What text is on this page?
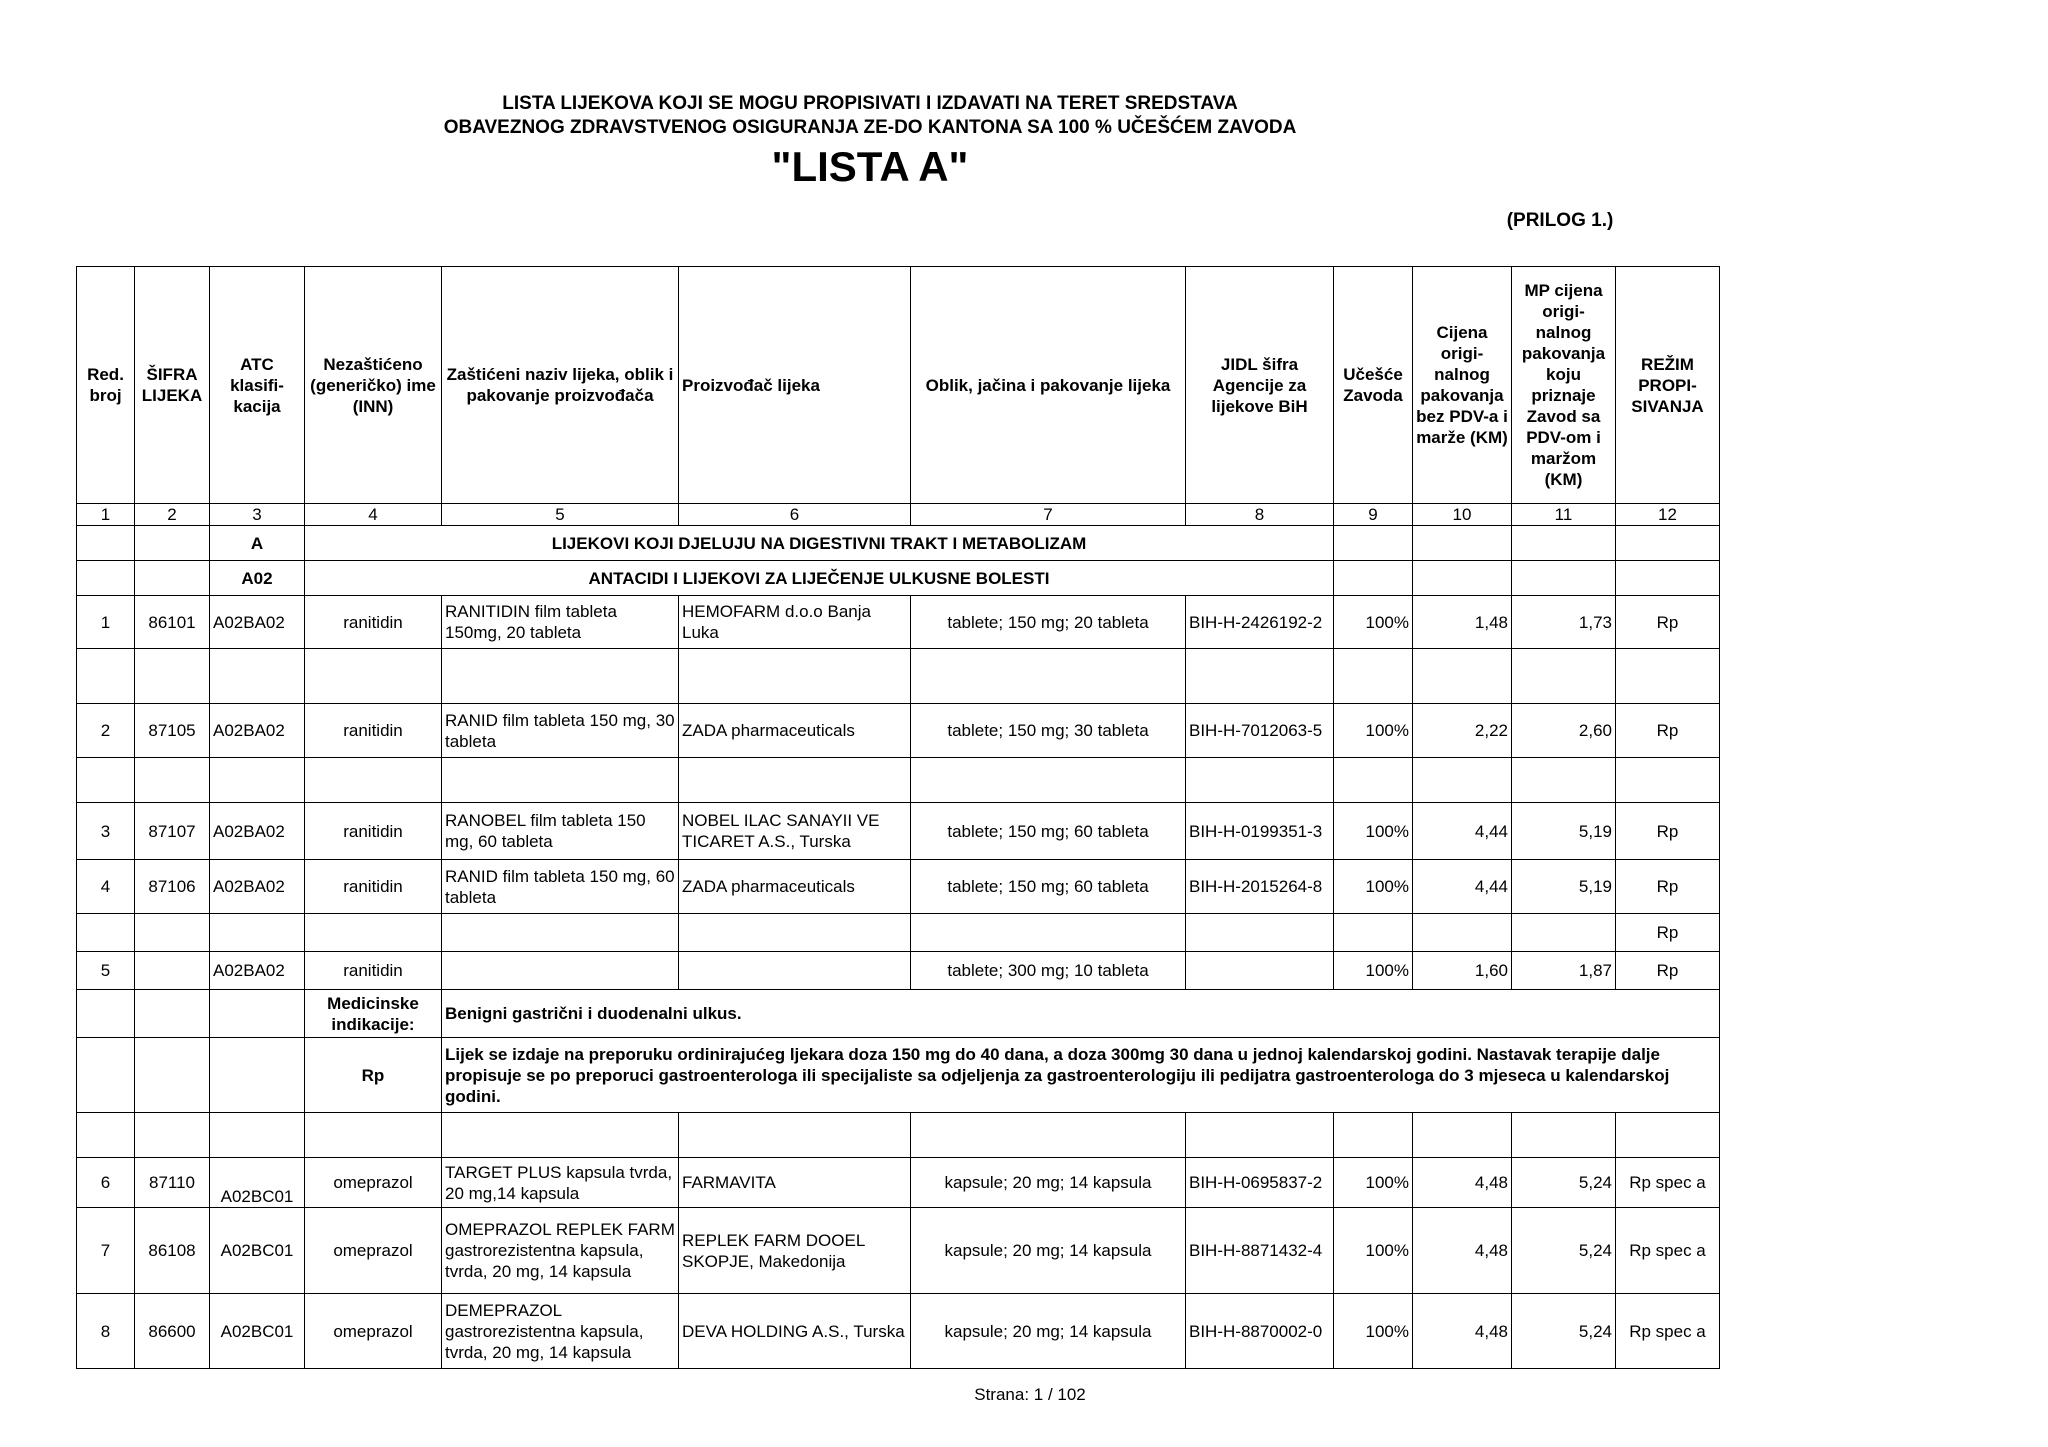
LISTA LIJEKOVA KOJI SE MOGU PROPISIVATI I IZDAVATI NA TERET SREDSTAVA
OBAVEZNOG ZDRAVSTVENOG OSIGURANJA ZE-DO KANTONA SA 100 % UČEŠĆEM ZAVODA
"LISTA A"
(PRILOG 1.)
Red. broj	ŠIFRA LIJEKA	ATC klasifi-kacija	Nezaštićeno (generičko) ime (INN)	Zaštićeni naziv lijeka, oblik i pakovanje proizvođača	Proizvođač lijeka	Oblik, jačina i pakovanje lijeka	JIDL šifra Agencije za lijekove BiH	Učešće Zavoda	Cijena origi-nalnog pakovanja bez PDV-a i marže (KM)	MP cijena origi-nalnog pakovanja koju priznaje Zavod sa PDV-om i maržom (KM)	REŽIM PROPI-SIVANJA
1	2	3	4	5	6	7	8	9	10	11	12
		A	LIJEKOVI KOJI DJELUJU NA DIGESTIVNI TRAKT I METABOLIZAM								
		A02	ANTACIDI I LIJEKOVI ZA LIJEČENJE ULKUSNE BOLESTI								
1	86101	A02BA02	ranitidin	RANITIDIN film tableta 150mg, 20 tableta	HEMOFARM d.o.o Banja Luka	tablete; 150 mg; 20 tableta	BIH-H-2426192-2	100%	1,48	1,73	Rp

2	87105	A02BA02	ranitidin	RANID film tableta 150 mg, 30 tableta	ZADA pharmaceuticals	tablete; 150 mg; 30 tableta	BIH-H-7012063-5	100%	2,22	2,60	Rp

3	87107	A02BA02	ranitidin	RANOBEL film tableta 150 mg, 60 tableta	NOBEL ILAC SANAYII VE TICARET A.S., Turska	tablete; 150 mg; 60 tableta	BIH-H-0199351-3	100%	4,44	5,19	Rp
4	87106	A02BA02	ranitidin	RANID film tableta 150 mg, 60 tableta	ZADA pharmaceuticals	tablete; 150 mg; 60 tableta	BIH-H-2015264-8	100%	4,44	5,19	Rp
											Rp
5		A02BA02	ranitidin			tablete; 300 mg; 10 tableta		100%	1,60	1,87	Rp
			Medicinske indikacije:	Benigni gastrični i duodenalni ulkus.							
			Rp	Lijek se izdaje na preporuku ordinirajućeg ljekara doza 150 mg do 40 dana, a doza 300mg 30 dana u jednoj kalendarskoj godini. Nastavak terapije dalje propisuje se po preporuci gastroenterologa ili specijaliste sa odjeljenja za gastroenterologiju ili pedijatra gastroenterologa do 3 mjeseca u kalendarskoj godini.							

6	87110	A02BC01	omeprazol	TARGET PLUS kapsula tvrda, 20 mg,14 kapsula	FARMAVITA	kapsule; 20 mg; 14 kapsula	BIH-H-0695837-2	100%	4,48	5,24	Rp spec a
7	86108	A02BC01	omeprazol	OMEPRAZOL REPLEK FARM gastrorezistentna kapsula, tvrda, 20 mg, 14 kapsula	REPLEK FARM DOOEL SKOPJE, Makedonija	kapsule; 20 mg; 14 kapsula	BIH-H-8871432-4	100%	4,48	5,24	Rp spec a
8	86600	A02BC01	omeprazol	DEMEPRAZOL gastrorezistentna kapsula, tvrda, 20 mg, 14 kapsula	DEVA HOLDING A.S., Turska	kapsule; 20 mg; 14 kapsula	BIH-H-8870002-0	100%	4,48	5,24	Rp spec a
Strana: 1 / 102
